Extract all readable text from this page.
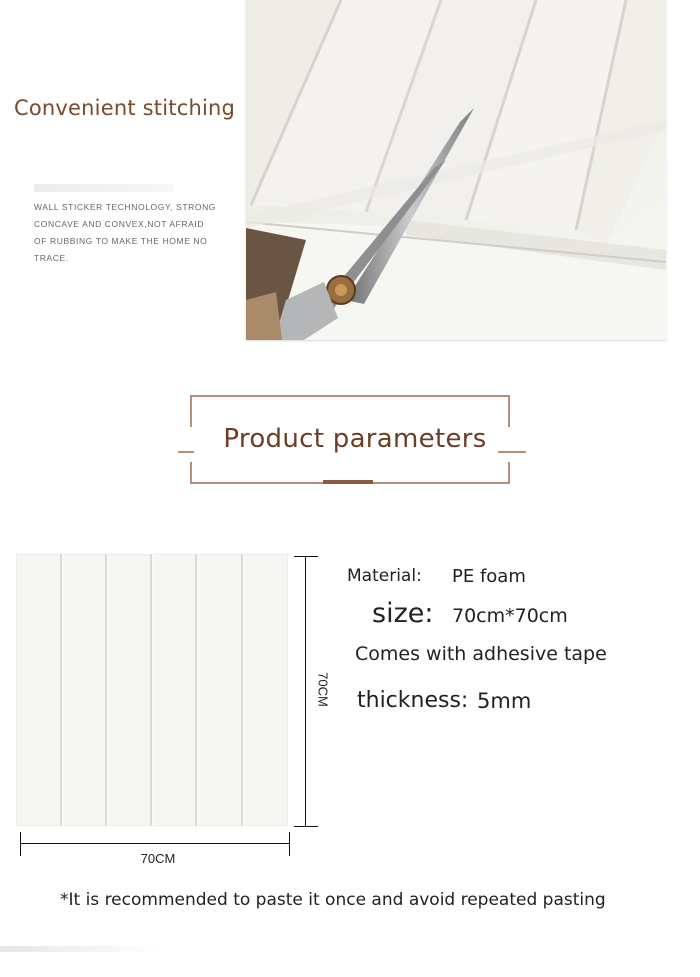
Convenient stitching
WALL STICKER TECHNOLOGY, STRONG CONCAVE AND CONVEX,NOT AFRAID OF RUBBING TO MAKE THE HOME NO TRACE.
Product parameters
70CM
70CM
Material: PE foam
size: 70cm*70cm
Comes with adhesive tape
thickness: 5mm
*It is recommended to paste it once and avoid repeated pasting
